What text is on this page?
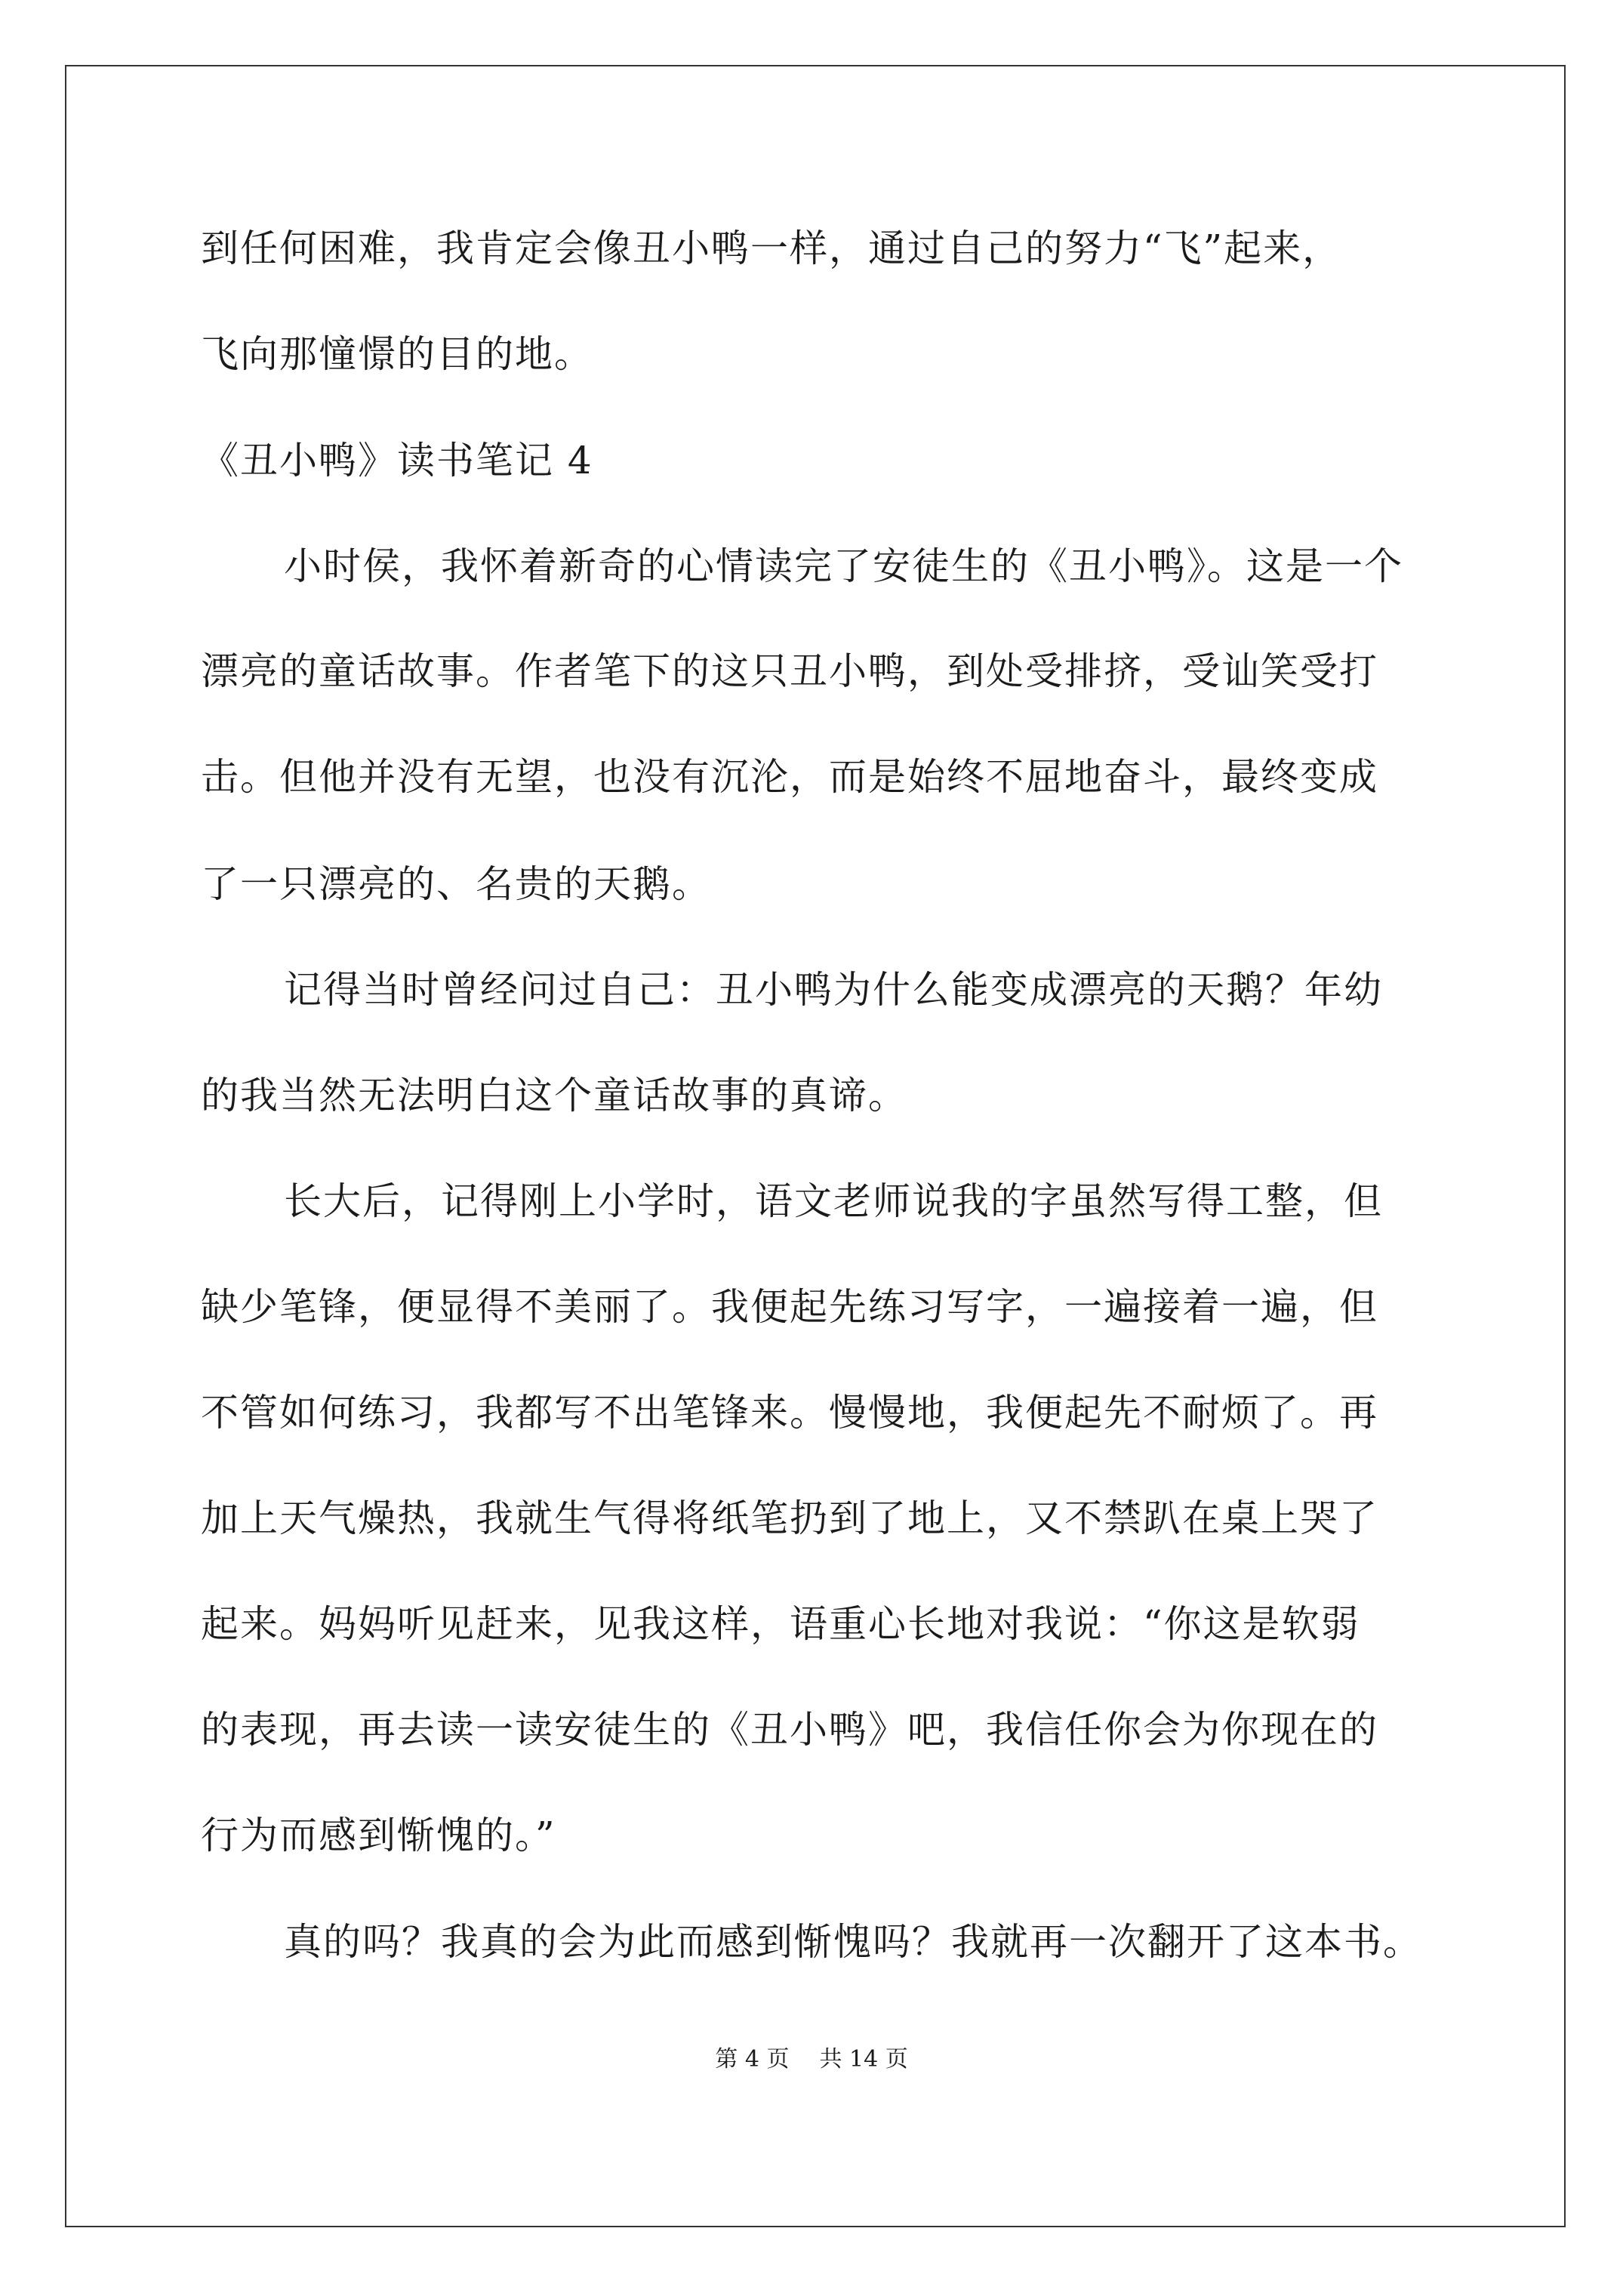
到任何困难，我肯定会像丑小鸭一样，通过自己的努力“飞”起来，
飞向那憧憬的目的地。
《丑小鸭》读书笔记 4
小时侯，我怀着新奇的心情读完了安徒生的《丑小鸭》。这是一个
漂亮的童话故事。作者笔下的这只丑小鸭，到处受排挤，受讪笑受打
击。但他并没有无望，也没有沉沦，而是始终不屈地奋斗，最终变成
了一只漂亮的、名贵的天鹅。
记得当时曾经问过自己：丑小鸭为什么能变成漂亮的天鹅？年幼
的我当然无法明白这个童话故事的真谛。
长大后，记得刚上小学时，语文老师说我的字虽然写得工整，但
缺少笔锋，便显得不美丽了。我便起先练习写字，一遍接着一遍，但
不管如何练习，我都写不出笔锋来。慢慢地，我便起先不耐烦了。再
加上天气燥热，我就生气得将纸笔扔到了地上，又不禁趴在桌上哭了
起来。妈妈听见赶来，见我这样，语重心长地对我说：“你这是软弱
的表现，再去读一读安徒生的《丑小鸭》吧，我信任你会为你现在的
行为而感到惭愧的。”
真的吗？我真的会为此而感到惭愧吗？我就再一次翻开了这本书。
第 4 页 共 14 页
